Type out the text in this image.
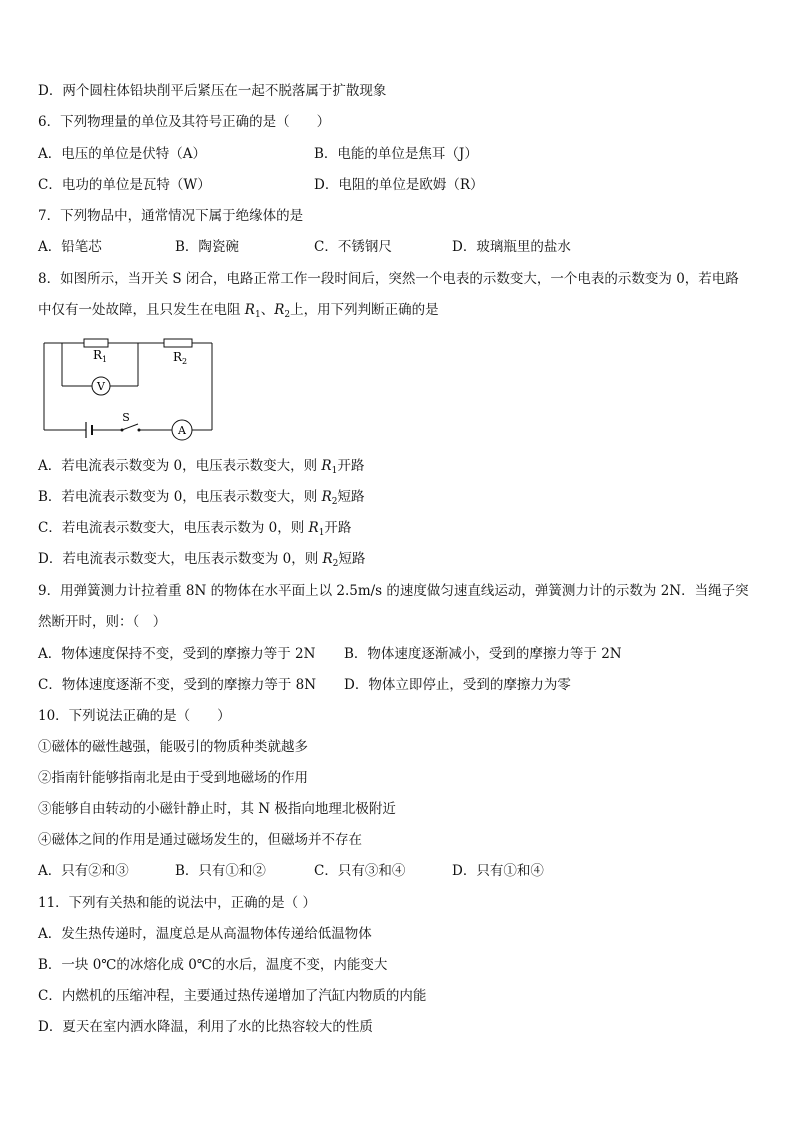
D．两个圆柱体铅块削平后紧压在一起不脱落属于扩散现象
6．下列物理量的单位及其符号正确的是（　　）
A．电压的单位是伏特（A）	B．电能的单位是焦耳（J）
C．电功的单位是瓦特（W）	D．电阻的单位是欧姆（R）
7．下列物品中，通常情况下属于绝缘体的是
A．铅笔芯	B．陶瓷碗	C．不锈钢尺	D．玻璃瓶里的盐水
8．如图所示，当开关 S 闭合，电路正常工作一段时间后，突然一个电表的示数变大，一个电表的示数变为 0，若电路
中仅有一处故障，且只发生在电阻 $R_1$、$R_2$上，用下列判断正确的是
$R_1$	$R_2$
V
A
S
A．若电流表示数变为 0，电压表示数变大，则 $R_1$开路
B．若电流表示数变为 0，电压表示数变大，则 $R_2$短路
C．若电流表示数变大，电压表示数为 0，则 $R_1$开路
D．若电流表示数变大，电压表示数变为 0，则 $R_2$短路
9．用弹簧测力计拉着重 8N 的物体在水平面上以 2.5m/s 的速度做匀速直线运动，弹簧测力计的示数为 2N．当绳子突
然断开时，则：（　）
A．物体速度保持不变，受到的摩擦力等于 2N B．物体速度逐渐减小，受到的摩擦力等于 2N
C．物体速度逐渐不变，受到的摩擦力等于 8N D．物体立即停止，受到的摩擦力为零
10．下列说法正确的是（　　）
①磁体的磁性越强，能吸引的物质种类就越多
②指南针能够指南北是由于受到地磁场的作用
③能够自由转动的小磁针静止时，其 N 极指向地理北极附近
④磁体之间的作用是通过磁场发生的，但磁场并不存在
A．只有②和③	B．只有①和②	C．只有③和④	D．只有①和④
11．下列有关热和能的说法中，正确的是（ ）
A．发生热传递时，温度总是从高温物体传递给低温物体
B．一块 0℃的冰熔化成 0℃的水后，温度不变，内能变大
C．内燃机的压缩冲程，主要通过热传递增加了汽缸内物质的内能
D．夏天在室内洒水降温，利用了水的比热容较大的性质
